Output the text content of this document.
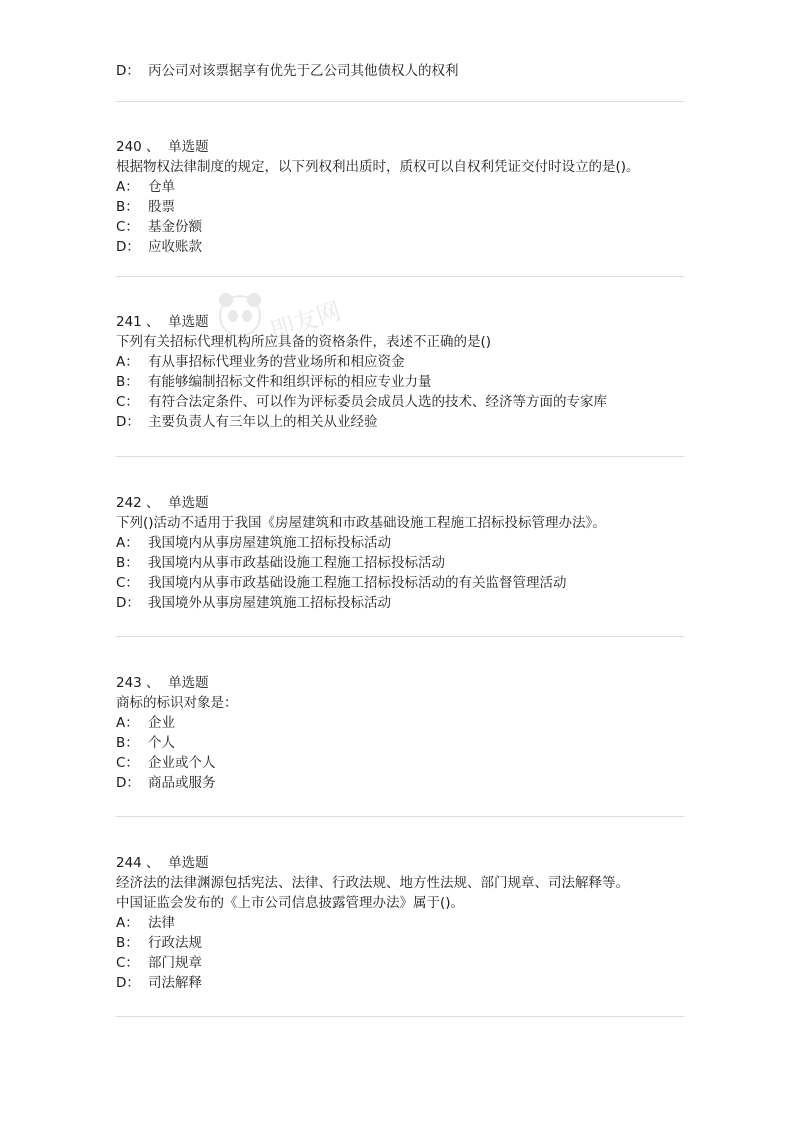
D： 丙公司对该票据享有优先于乙公司其他债权人的权利
240 、 单选题
根据物权法律制度的规定，以下列权利出质时，质权可以自权利凭证交付时设立的是()。
A： 仓单
B： 股票
C： 基金份额
D： 应收账款
241 、 单选题
下列有关招标代理机构所应具备的资格条件，表述不正确的是()
A： 有从事招标代理业务的营业场所和相应资金
B： 有能够编制招标文件和组织评标的相应专业力量
C： 有符合法定条件、可以作为评标委员会成员人选的技术、经济等方面的专家库
D： 主要负责人有三年以上的相关从业经验
242 、 单选题
下列()活动不适用于我国《房屋建筑和市政基础设施工程施工招标投标管理办法》。
A： 我国境内从事房屋建筑施工招标投标活动
B： 我国境内从事市政基础设施工程施工招标投标活动
C： 我国境内从事市政基础设施工程施工招标投标活动的有关监督管理活动
D： 我国境外从事房屋建筑施工招标投标活动
243 、 单选题
商标的标识对象是：
A： 企业
B： 个人
C： 企业或个人
D： 商品或服务
244 、 单选题
经济法的法律渊源包括宪法、法律、行政法规、地方性法规、部门规章、司法解释等。
中国证监会发布的《上市公司信息披露管理办法》属于()。
A： 法律
B： 行政法规
C： 部门规章
D： 司法解释
即友网
